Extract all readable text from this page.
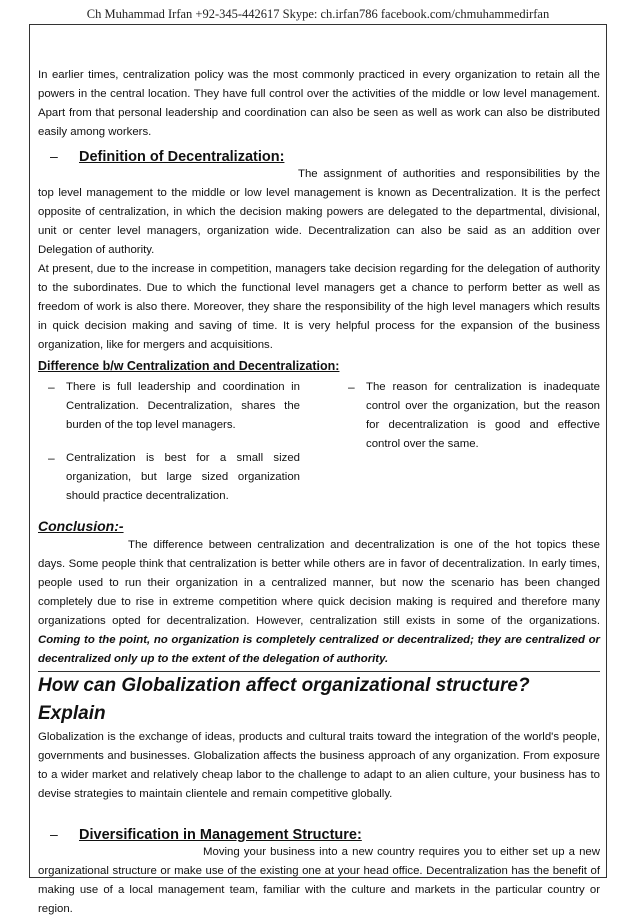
Ch Muhammad Irfan +92-345-442617 Skype: ch.irfan786 facebook.com/chmuhammedirfan

In earlier times, centralization policy was the most commonly practiced in every organization to retain all the powers in the central location. They have full control over the activities of the middle or low level management. Apart from that personal leadership and coordination can also be seen as well as work can also be distributed easily among workers.

–	Definition of Decentralization:

The assignment of authorities and responsibilities by the top level management to the middle or low level management is known as Decentralization. It is the perfect opposite of centralization, in which the decision making powers are delegated to the departmental, divisional, unit or center level managers, organization wide. Decentralization can also be said as an addition over Delegation of authority.

At present, due to the increase in competition, managers take decision regarding for the delegation of authority to the subordinates. Due to which the functional level managers get a chance to perform better as well as freedom of work is also there. Moreover, they share the responsibility of the high level managers which results in quick decision making and saving of time. It is very helpful process for the expansion of the business organization, like for mergers and acquisitions.

Difference b/w Centralization and Decentralization:
– There is full leadership and coordination in Centralization. Decentralization, shares the burden of the top level managers.

– Centralization is best for a small sized organization, but large sized organization should practice decentralization.

– The reason for centralization is inadequate control over the organization, but the reason for decentralization is good and effective control over the same.

Conclusion:-

The difference between centralization and decentralization is one of the hot topics these days. Some people think that centralization is better while others are in favor of decentralization. In early times, people used to run their organization in a centralized manner, but now the scenario has been changed completely due to rise in extreme competition where quick decision making is required and therefore many organizations opted for decentralization. However, centralization still exists in some of the organizations. Coming to the point, no organization is completely centralized or decentralized; they are centralized or decentralized only up to the extent of the delegation of authority.

How can Globalization affect organizational structure? Explain

Globalization is the exchange of ideas, products and cultural traits toward the integration of the world's people, governments and businesses. Globalization affects the business approach of any organization. From exposure to a wider market and relatively cheap labor to the challenge to adapt to an alien culture, your business has to devise strategies to maintain clientele and remain competitive globally.

–	Diversification in Management Structure:

Moving your business into a new country requires you to either set up a new organizational structure or make use of the existing one at your head office. Decentralization has the benefit of making use of a local management team, familiar with the culture and markets in the particular country or region.
